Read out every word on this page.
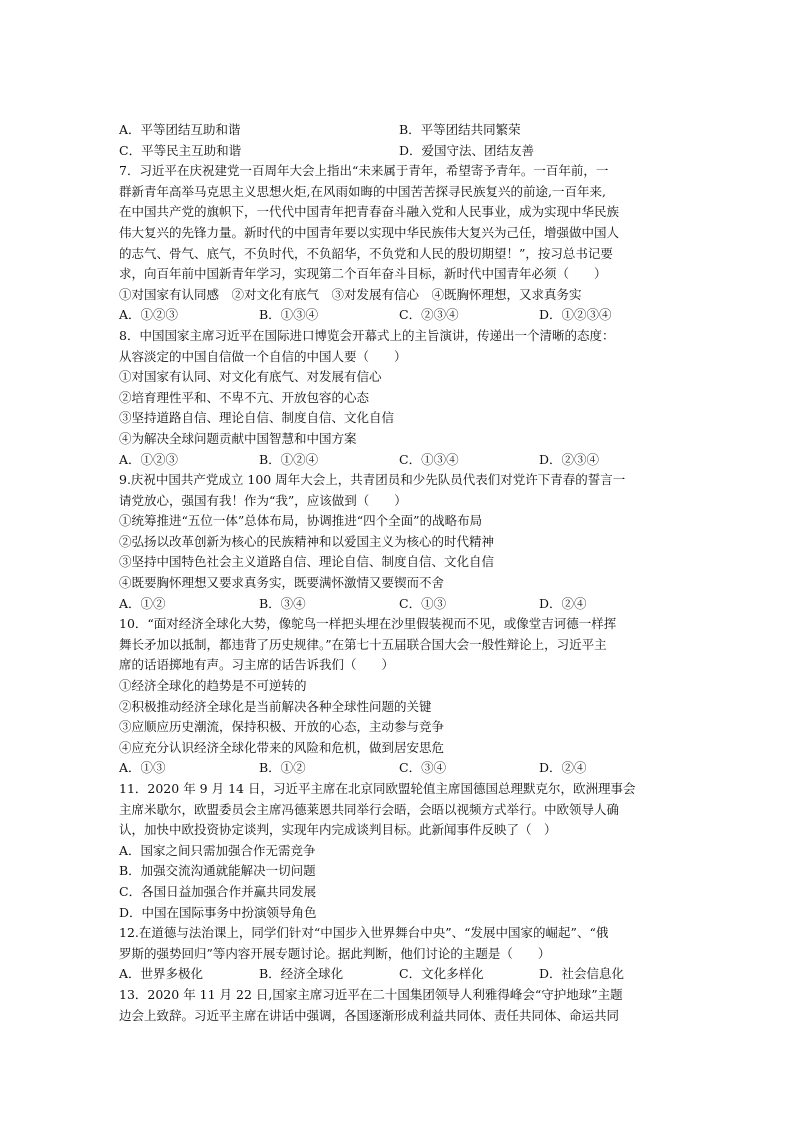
A．平等团结互助和谐	B．平等团结共同繁荣
C．平等民主互助和谐	D．爱国守法、团结友善
7．习近平在庆祝建党一百周年大会上指出“未来属于青年，希望寄予青年。一百年前，一
群新青年高举马克思主义思想火炬,在风雨如晦的中国苦苦探寻民族复兴的前途,一百年来,
在中国共产党的旗帜下，一代代中国青年把青春奋斗融入党和人民事业，成为实现中华民族
伟大复兴的先锋力量。新时代的中国青年要以实现中华民族伟大复兴为己任，增强做中国人
的志气、骨气、底气，不负时代，不负韶华，不负党和人民的殷切期望！”，按习总书记要
求，向百年前中国新青年学习，实现第二个百年奋斗目标，新时代中国青年必须（　　）
①对国家有认同感　②对文化有底气　③对发展有信心　④既胸怀理想，又求真务实
A．①②③	B．①③④	C．②③④	D．①②③④
8．中国国家主席习近平在国际进口博览会开幕式上的主旨演讲，传递出一个清晰的态度：
从容淡定的中国自信做一个自信的中国人要（　　）
①对国家有认同、对文化有底气、对发展有信心
②培育理性平和、不卑不亢、开放包容的心态
③坚持道路自信、理论自信、制度自信、文化自信
④为解决全球问题贡献中国智慧和中国方案
A．①②③	B．①②④	C．①③④	D．②③④
9.庆祝中国共产党成立 100 周年大会上，共青团员和少先队员代表们对党许下青春的誓言一
请党放心，强国有我！作为“我”，应该做到（　　）
①统筹推进“五位一体”总体布局，协调推进“四个全面”的战略布局
②弘扬以改革创新为核心的民族精神和以爱国主义为核心的时代精神
③坚持中国特色社会主义道路自信、理论自信、制度自信、文化自信
④既要胸怀理想又要求真务实，既要满怀激情又要锲而不舍
A．①②	B．③④	C．①③	D．②④
10．“面对经济全球化大势，像鸵鸟一样把头埋在沙里假装视而不见，或像堂吉诃德一样挥
舞长矛加以抵制，都违背了历史规律。”在第七十五届联合国大会一般性辩论上，习近平主
席的话语掷地有声。习主席的话告诉我们（　　）
①经济全球化的趋势是不可逆转的
②积极推动经济全球化是当前解决各种全球性问题的关键
③应顺应历史潮流，保持积极、开放的心态，主动参与竞争
④应充分认识经济全球化带来的风险和危机，做到居安思危
A．①③	B．①②	C．③④	D．②④
11．2020 年 9 月 14 日，习近平主席在北京同欧盟轮值主席国德国总理默克尔，欧洲理事会
主席米歇尔，欧盟委员会主席冯德莱恩共同举行会晤，会晤以视频方式举行。中欧领导人确
认，加快中欧投资协定谈判，实现年内完成谈判目标。此新闻事件反映了（　）
A．国家之间只需加强合作无需竞争
B．加强交流沟通就能解决一切问题
C．各国日益加强合作并赢共同发展
D．中国在国际事务中扮演领导角色
12.在道德与法治课上，同学们针对“中国步入世界舞台中央”、“发展中国家的崛起”、“俄
罗斯的强势回归”等内容开展专题讨论。据此判断，他们讨论的主题是（　　）
A．世界多极化	B．经济全球化	C．文化多样化	D．社会信息化
13．2020 年 11 月 22 日,国家主席习近平在二十国集团领导人利雅得峰会“守护地球”主题
边会上致辞。习近平主席在讲话中强调，各国逐渐形成利益共同体、责任共同体、命运共同
